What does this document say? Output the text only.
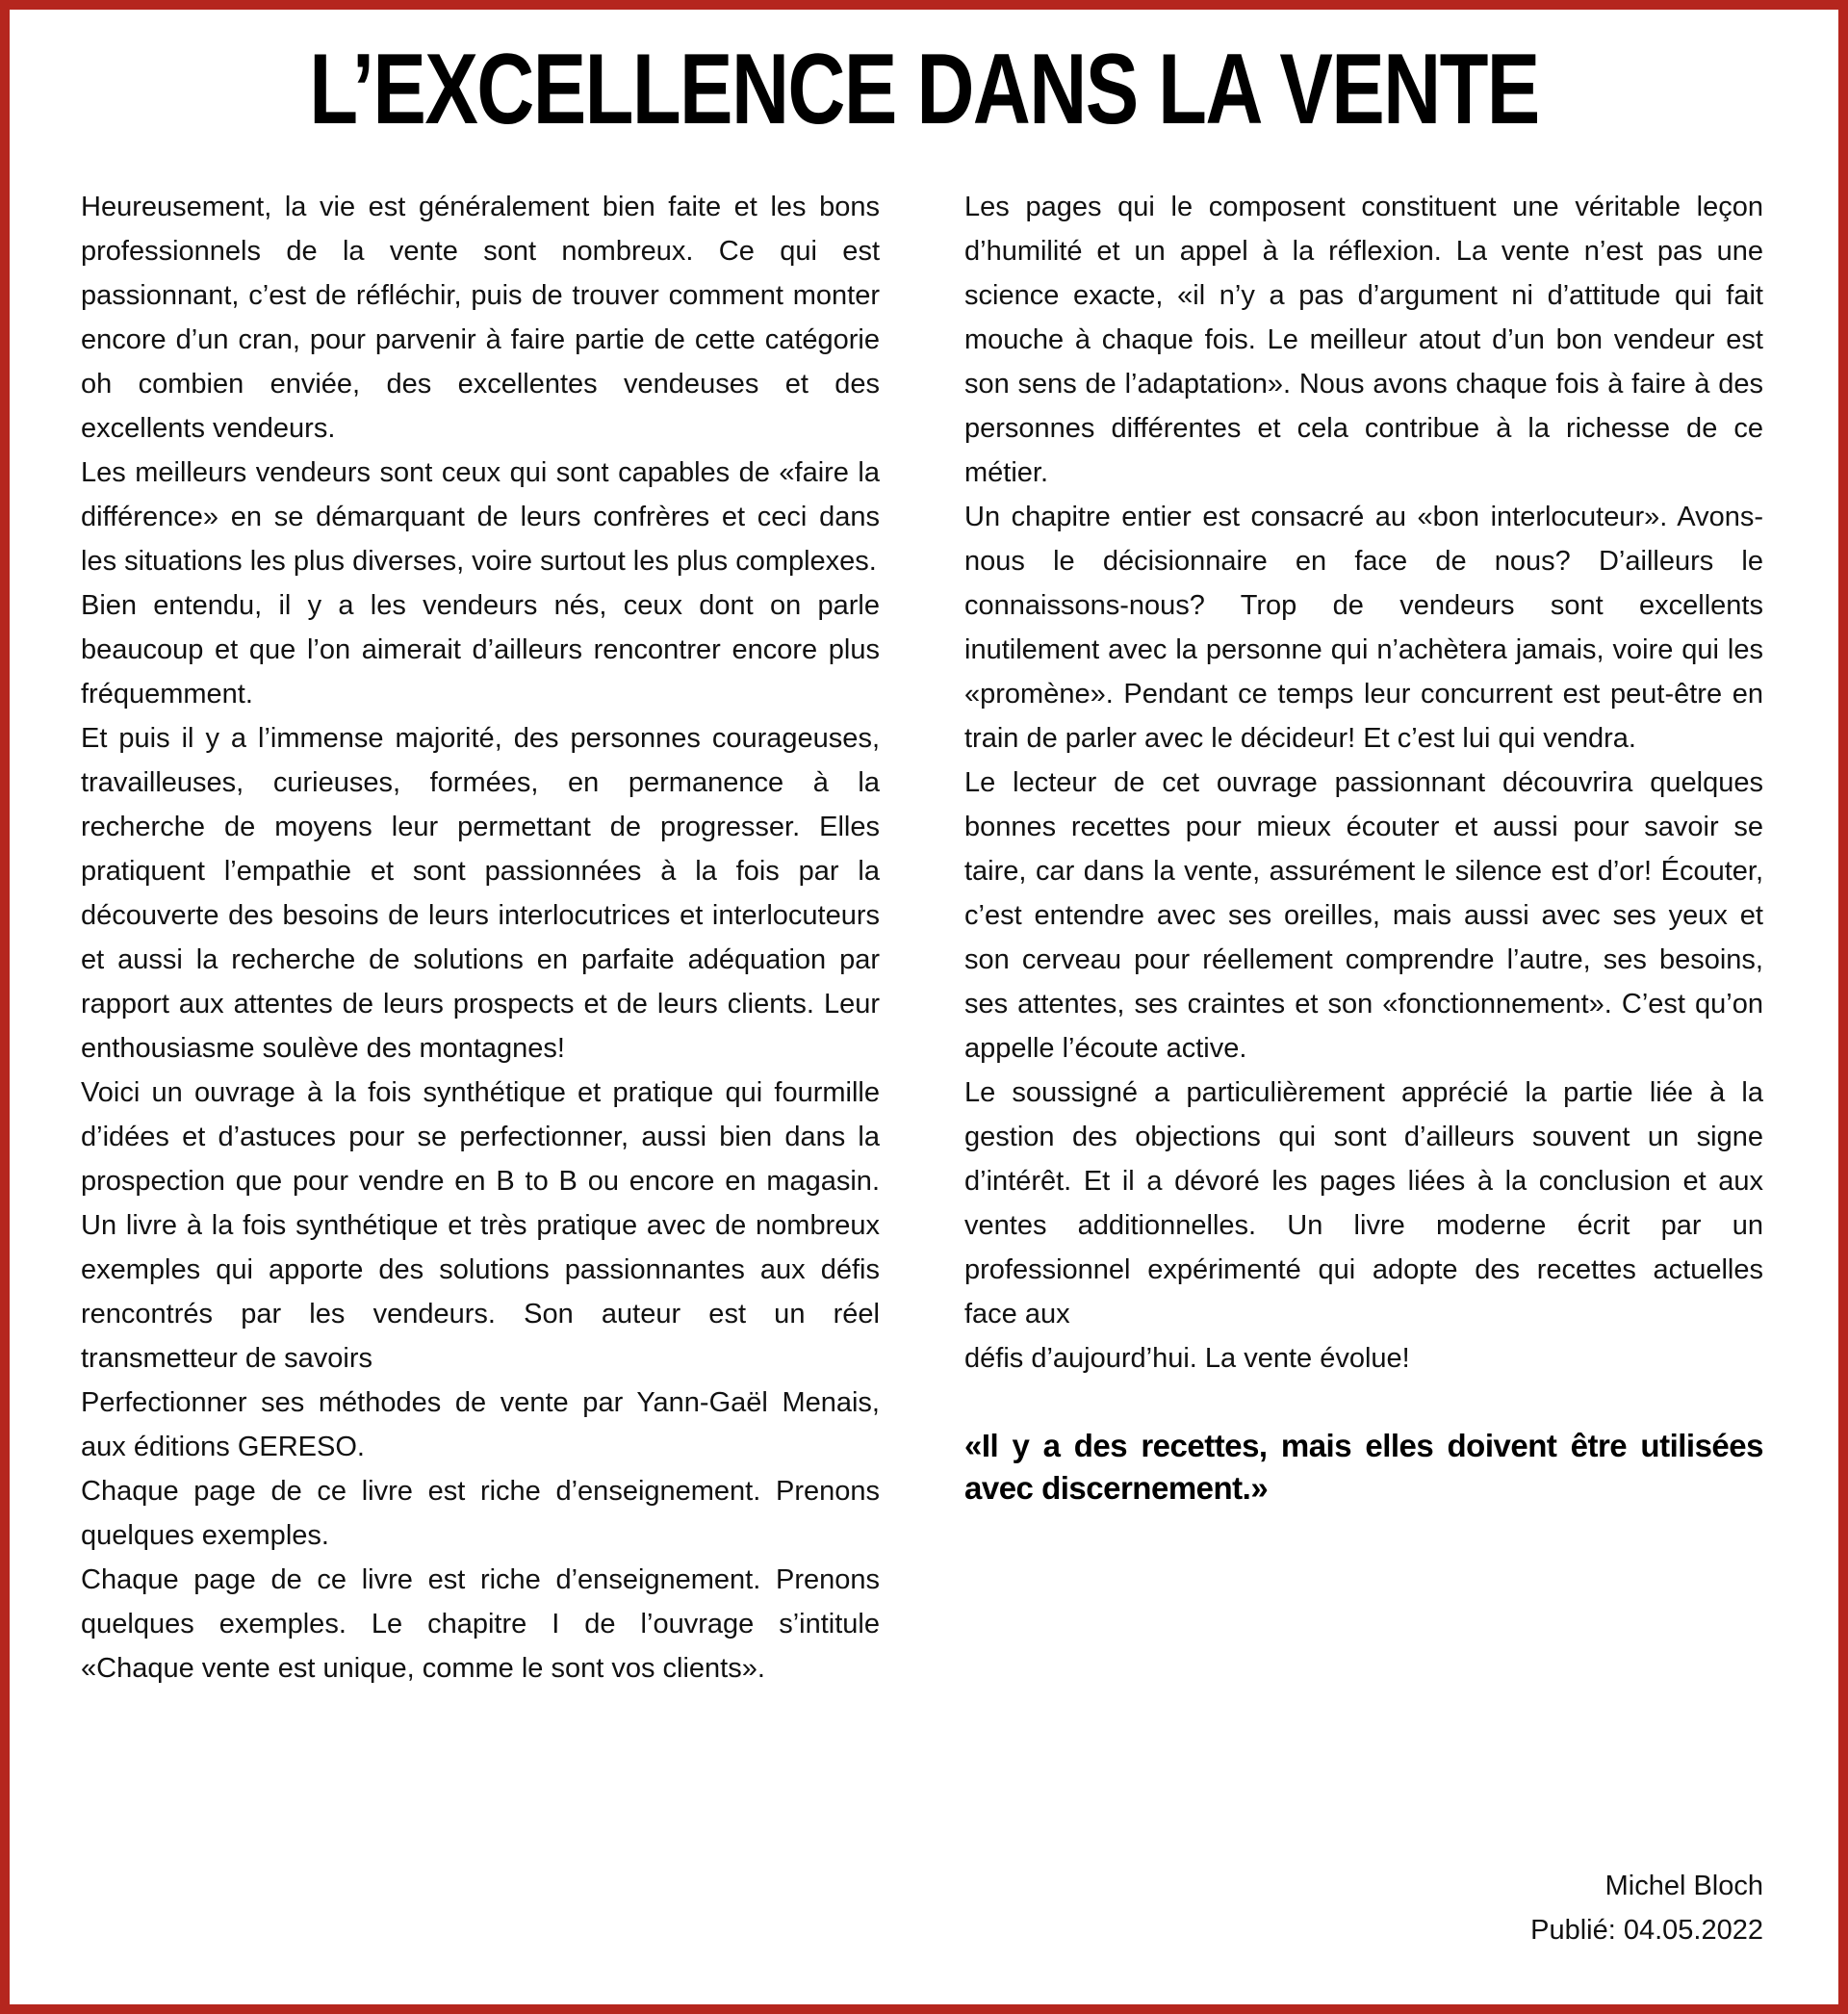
L’EXCELLENCE DANS LA VENTE

Heureusement, la vie est généralement bien faite et les bons professionnels de la vente sont nombreux. Ce qui est passionnant, c’est de réfléchir, puis de trouver comment monter encore d’un cran, pour parvenir à faire partie de cette catégorie oh combien enviée, des excellentes vendeuses et des excellents vendeurs.

Les meilleurs vendeurs sont ceux qui sont capables de «faire la différence» en se démarquant de leurs confrères et ceci dans les situations les plus diverses, voire surtout les plus complexes.

Bien entendu, il y a les vendeurs nés, ceux dont on parle beaucoup et que l’on aimerait d’ailleurs rencontrer encore plus fréquemment.

Et puis il y a l’immense majorité, des personnes courageuses, travailleuses, curieuses, formées, en permanence à la recherche de moyens leur permettant de progresser. Elles pratiquent l’empathie et sont passionnées à la fois par la découverte des besoins de leurs interlocutrices et interlocuteurs et aussi la recherche de solutions en parfaite adéquation par rapport aux attentes de leurs prospects et de leurs clients. Leur enthousiasme soulève des montagnes!

Voici un ouvrage à la fois synthétique et pratique qui fourmille d’idées et d’astuces pour se perfectionner, aussi bien dans la prospection que pour vendre en B to B ou encore en magasin. Un livre à la fois synthétique et très pratique avec de nombreux exemples qui apporte des solutions passionnantes aux défis rencontrés par les vendeurs. Son auteur est un réel transmetteur de savoirs

Perfectionner ses méthodes de vente par Yann-Gaël Menais, aux éditions GERESO.

Chaque page de ce livre est riche d’enseignement. Prenons quelques exemples.

Chaque page de ce livre est riche d’enseignement. Prenons quelques exemples. Le chapitre I de l’ouvrage s’intitule «Chaque vente est unique, comme le sont vos clients».

Les pages qui le composent constituent une véritable leçon d’humilité et un appel à la réflexion. La vente n’est pas une science exacte, «il n’y a pas d’argument ni d’attitude qui fait mouche à chaque fois. Le meilleur atout d’un bon vendeur est son sens de l’adaptation». Nous avons chaque fois à faire à des personnes différentes et cela contribue à la richesse de ce métier.

Un chapitre entier est consacré au «bon interlocuteur». Avons-nous le décisionnaire en face de nous? D’ailleurs le connaissons-nous? Trop de vendeurs sont excellents inutilement avec la personne qui n’achètera jamais, voire qui les «promène». Pendant ce temps leur concurrent est peut-être en train de parler avec le décideur! Et c’est lui qui vendra.

Le lecteur de cet ouvrage passionnant découvrira quelques bonnes recettes pour mieux écouter et aussi pour savoir se taire, car dans la vente, assurément le silence est d’or! Écouter, c’est entendre avec ses oreilles, mais aussi avec ses yeux et son cerveau pour réellement comprendre l’autre, ses besoins, ses attentes, ses craintes et son «fonctionnement». C’est qu’on appelle l’écoute active.

Le soussigné a particulièrement apprécié la partie liée à la gestion des objections qui sont d’ailleurs souvent un signe d’intérêt. Et il a dévoré les pages liées à la conclusion et aux ventes additionnelles. Un livre moderne écrit par un professionnel expérimenté qui adopte des recettes actuelles face aux

défis d’aujourd’hui. La vente évolue!

«Il y a des recettes, mais elles doivent être utilisées avec discernement.»

Michel Bloch
Publié: 04.05.2022
